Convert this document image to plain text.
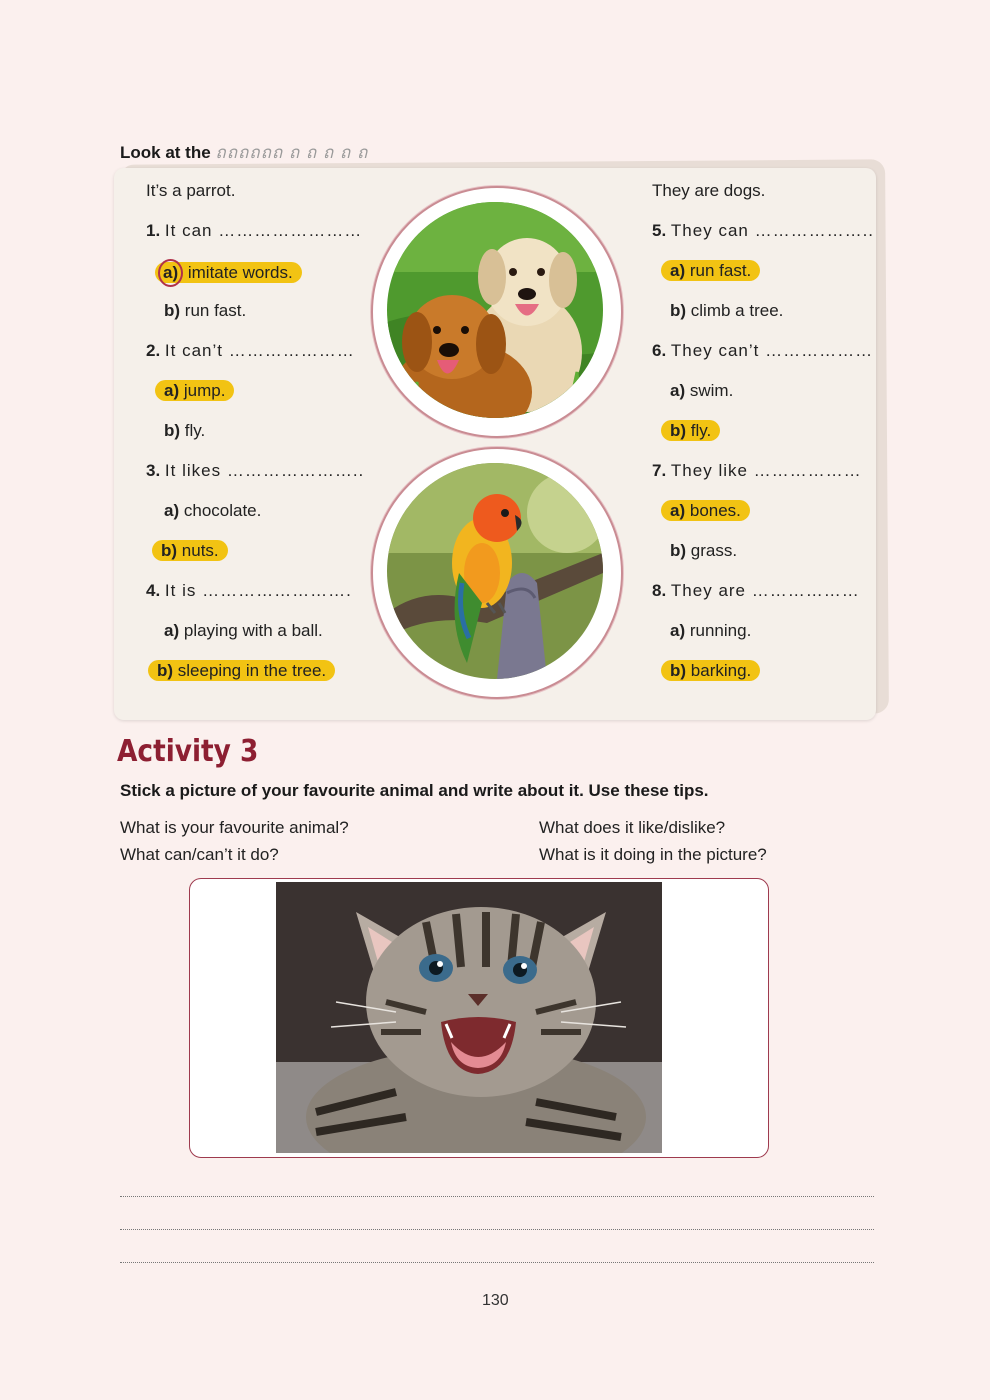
Look at the ถถถถถถ ถ ถ ถ ถ ถ
It’s a parrot.
1. It can ……………………
a) imitate words.
b) run fast.
2. It can’t …………………
a) jump.
b) fly.
3. It likes …………………..
a) chocolate.
b) nuts.
4. It is …………………….
a) playing with a ball.
b) sleeping in the tree.
They are dogs.
5. They can ………………..
a) run fast.
b) climb a tree.
6. They can’t ………………
a) swim.
b) fly.
7. They like ………………
a) bones.
b) grass.
8. They are ………………
a) running.
b) barking.
Activity 3
Stick a picture of your favourite animal and write about it. Use these tips.
What is your favourite animal?
What can/can’t it do?
What does it like/dislike?
What is it doing in the picture?
130
